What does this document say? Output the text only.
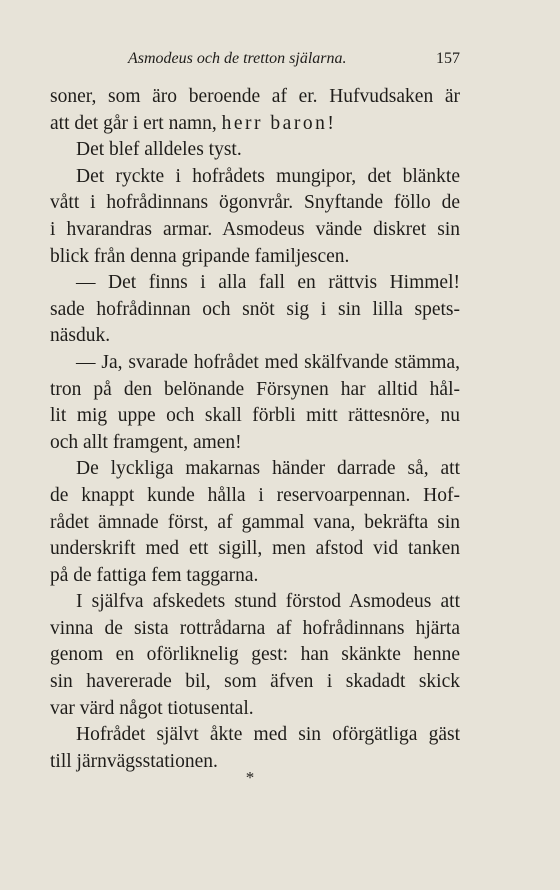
Asmodeus och de tretton själarna.	157
soner, som äro beroende af er. Hufvudsaken är
att det går i ert namn, herr baron!
Det blef alldeles tyst.
Det ryckte i hofrådets mungipor, det blänkte
vått i hofrådinnans ögonvrår. Snyftande föllo de
i hvarandras armar. Asmodeus vände diskret sin
blick från denna gripande familjescen.
— Det finns i alla fall en rättvis Himmel!
sade hofrådinnan och snöt sig i sin lilla spets-
näsduk.
— Ja, svarade hofrådet med skälfvande stämma,
tron på den belönande Försynen har alltid hål-
lit mig uppe och skall förbli mitt rättesnöre, nu
och allt framgent, amen!
De lyckliga makarnas händer darrade så, att
de knappt kunde hålla i reservoarpennan. Hof-
rådet ämnade först, af gammal vana, bekräfta sin
underskrift med ett sigill, men afstod vid tanken
på de fattiga fem taggarna.
I själfva afskedets stund förstod Asmodeus att
vinna de sista rottrådarna af hofrådinnans hjärta
genom en oförliknelig gest: han skänkte henne
sin havererade bil, som äfven i skadadt skick
var värd något tiotusental.
Hofrådet självt åkte med sin oförgätliga gäst
till järnvägsstationen.
*
